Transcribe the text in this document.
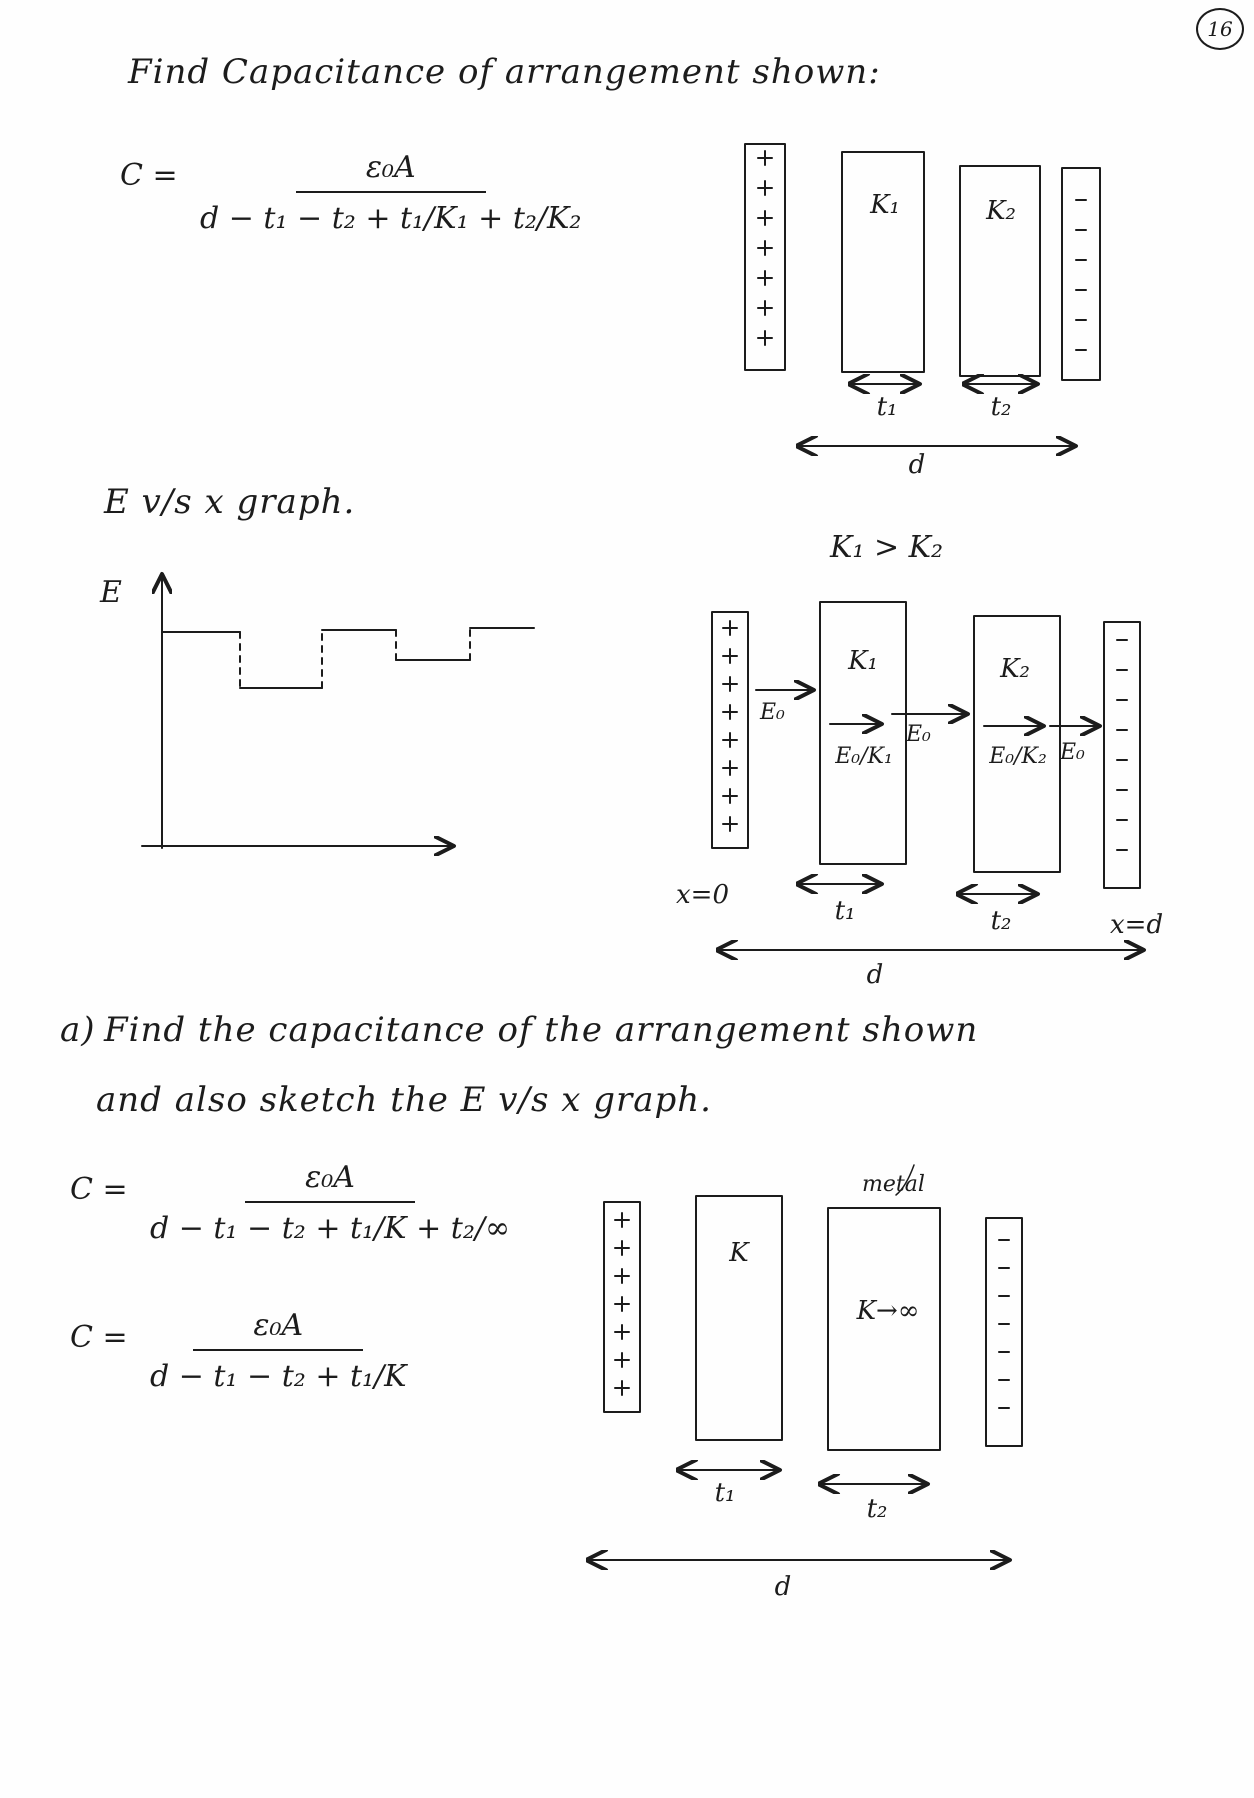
16
Find Capacitance of arrangement shown:
$C = \frac{\text{ε₀A}}{\text{d − t₁ − t₂ + t₁/K₁ + t₂/K₂}}$
E v/s x graph.
E
K₁ > K₂
a) Find the capacitance of the arrangement shown
and also sketch the E v/s x graph.
$C = \frac{\text{ε₀A}}{\text{d − t₁ − t₂ + t₁/K + t₂/∞}}$
$C = \frac{\text{ε₀A}}{\text{d − t₁ − t₂ + t₁/K}}$
K₁	K₂
t₁	t₂
d
K₁	K₂
E₀
E₀
E₀
E₀/K₁	E₀/K₂
x=0
x=d
t₁	t₂
d
metal
K
K→∞
t₁
t₂
d
